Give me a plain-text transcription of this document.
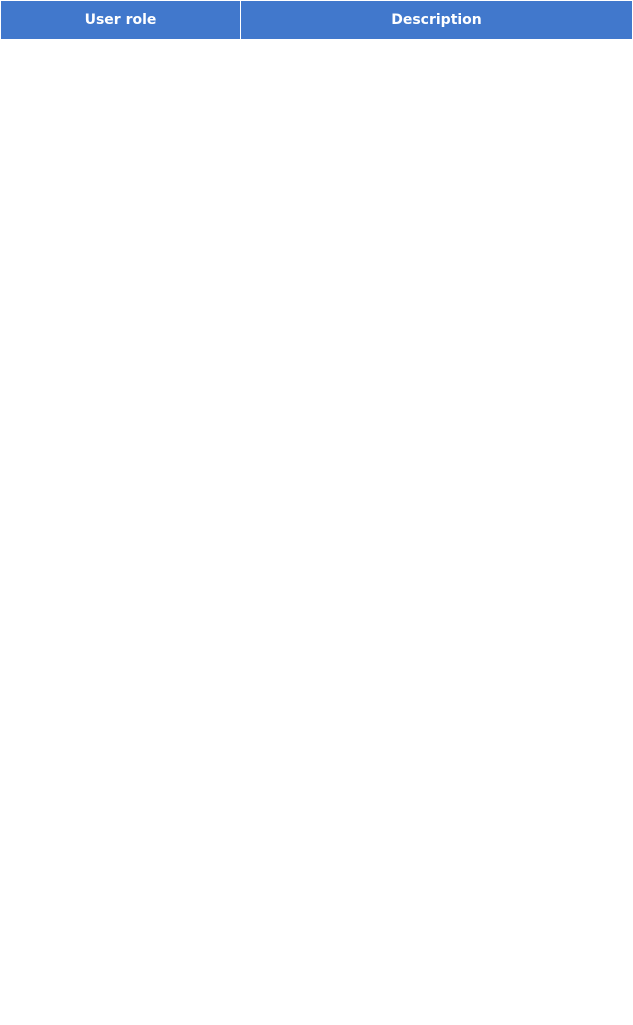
User role	Description
